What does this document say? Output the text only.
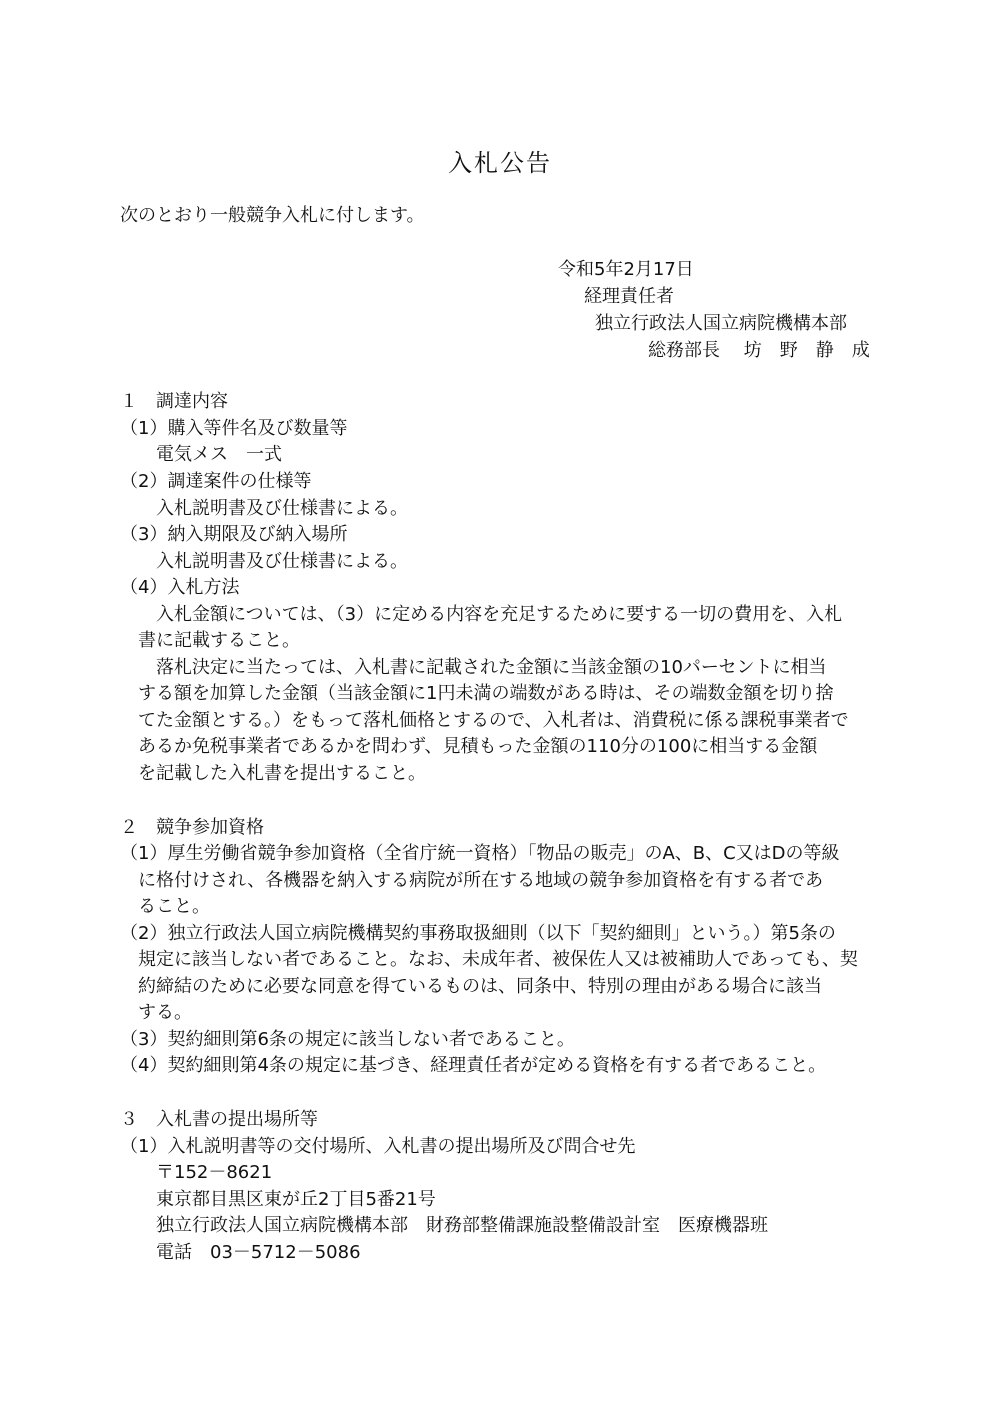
入札公告
次のとおり一般競争入札に付します。
令和5年2月17日
経理責任者
独立行政法人国立病院機構本部
総務部長　 坊　野　静　成
１　調達内容
（1）購入等件名及び数量等
　　電気メス　一式
（2）調達案件の仕様等
　　入札説明書及び仕様書による。
（3）納入期限及び納入場所
　　入札説明書及び仕様書による。
（4）入札方法
　　入札金額については、（3）に定める内容を充足するために要する一切の費用を、入札
　書に記載すること。
　　落札決定に当たっては、入札書に記載された金額に当該金額の10パーセントに相当
　する額を加算した金額（当該金額に1円未満の端数がある時は、その端数金額を切り捨
　てた金額とする。）をもって落札価格とするので、入札者は、消費税に係る課税事業者で
　あるか免税事業者であるかを問わず、見積もった金額の110分の100に相当する金額
　を記載した入札書を提出すること。
２　競争参加資格
（1）厚生労働省競争参加資格（全省庁統一資格）「物品の販売」のA、B、C又はDの等級
　に格付けされ、各機器を納入する病院が所在する地域の競争参加資格を有する者であ
　ること。
（2）独立行政法人国立病院機構契約事務取扱細則（以下「契約細則」という。）第5条の
　規定に該当しない者であること。なお、未成年者、被保佐人又は被補助人であっても、契
　約締結のために必要な同意を得ているものは、同条中、特別の理由がある場合に該当
　する。
（3）契約細則第6条の規定に該当しない者であること。
（4）契約細則第4条の規定に基づき、経理責任者が定める資格を有する者であること。
３　入札書の提出場所等
（1）入札説明書等の交付場所、入札書の提出場所及び問合せ先
　　〒152－8621
　　東京都目黒区東が丘2丁目5番21号
　　独立行政法人国立病院機構本部　財務部整備課施設整備設計室　医療機器班
　　電話　03－5712－5086
